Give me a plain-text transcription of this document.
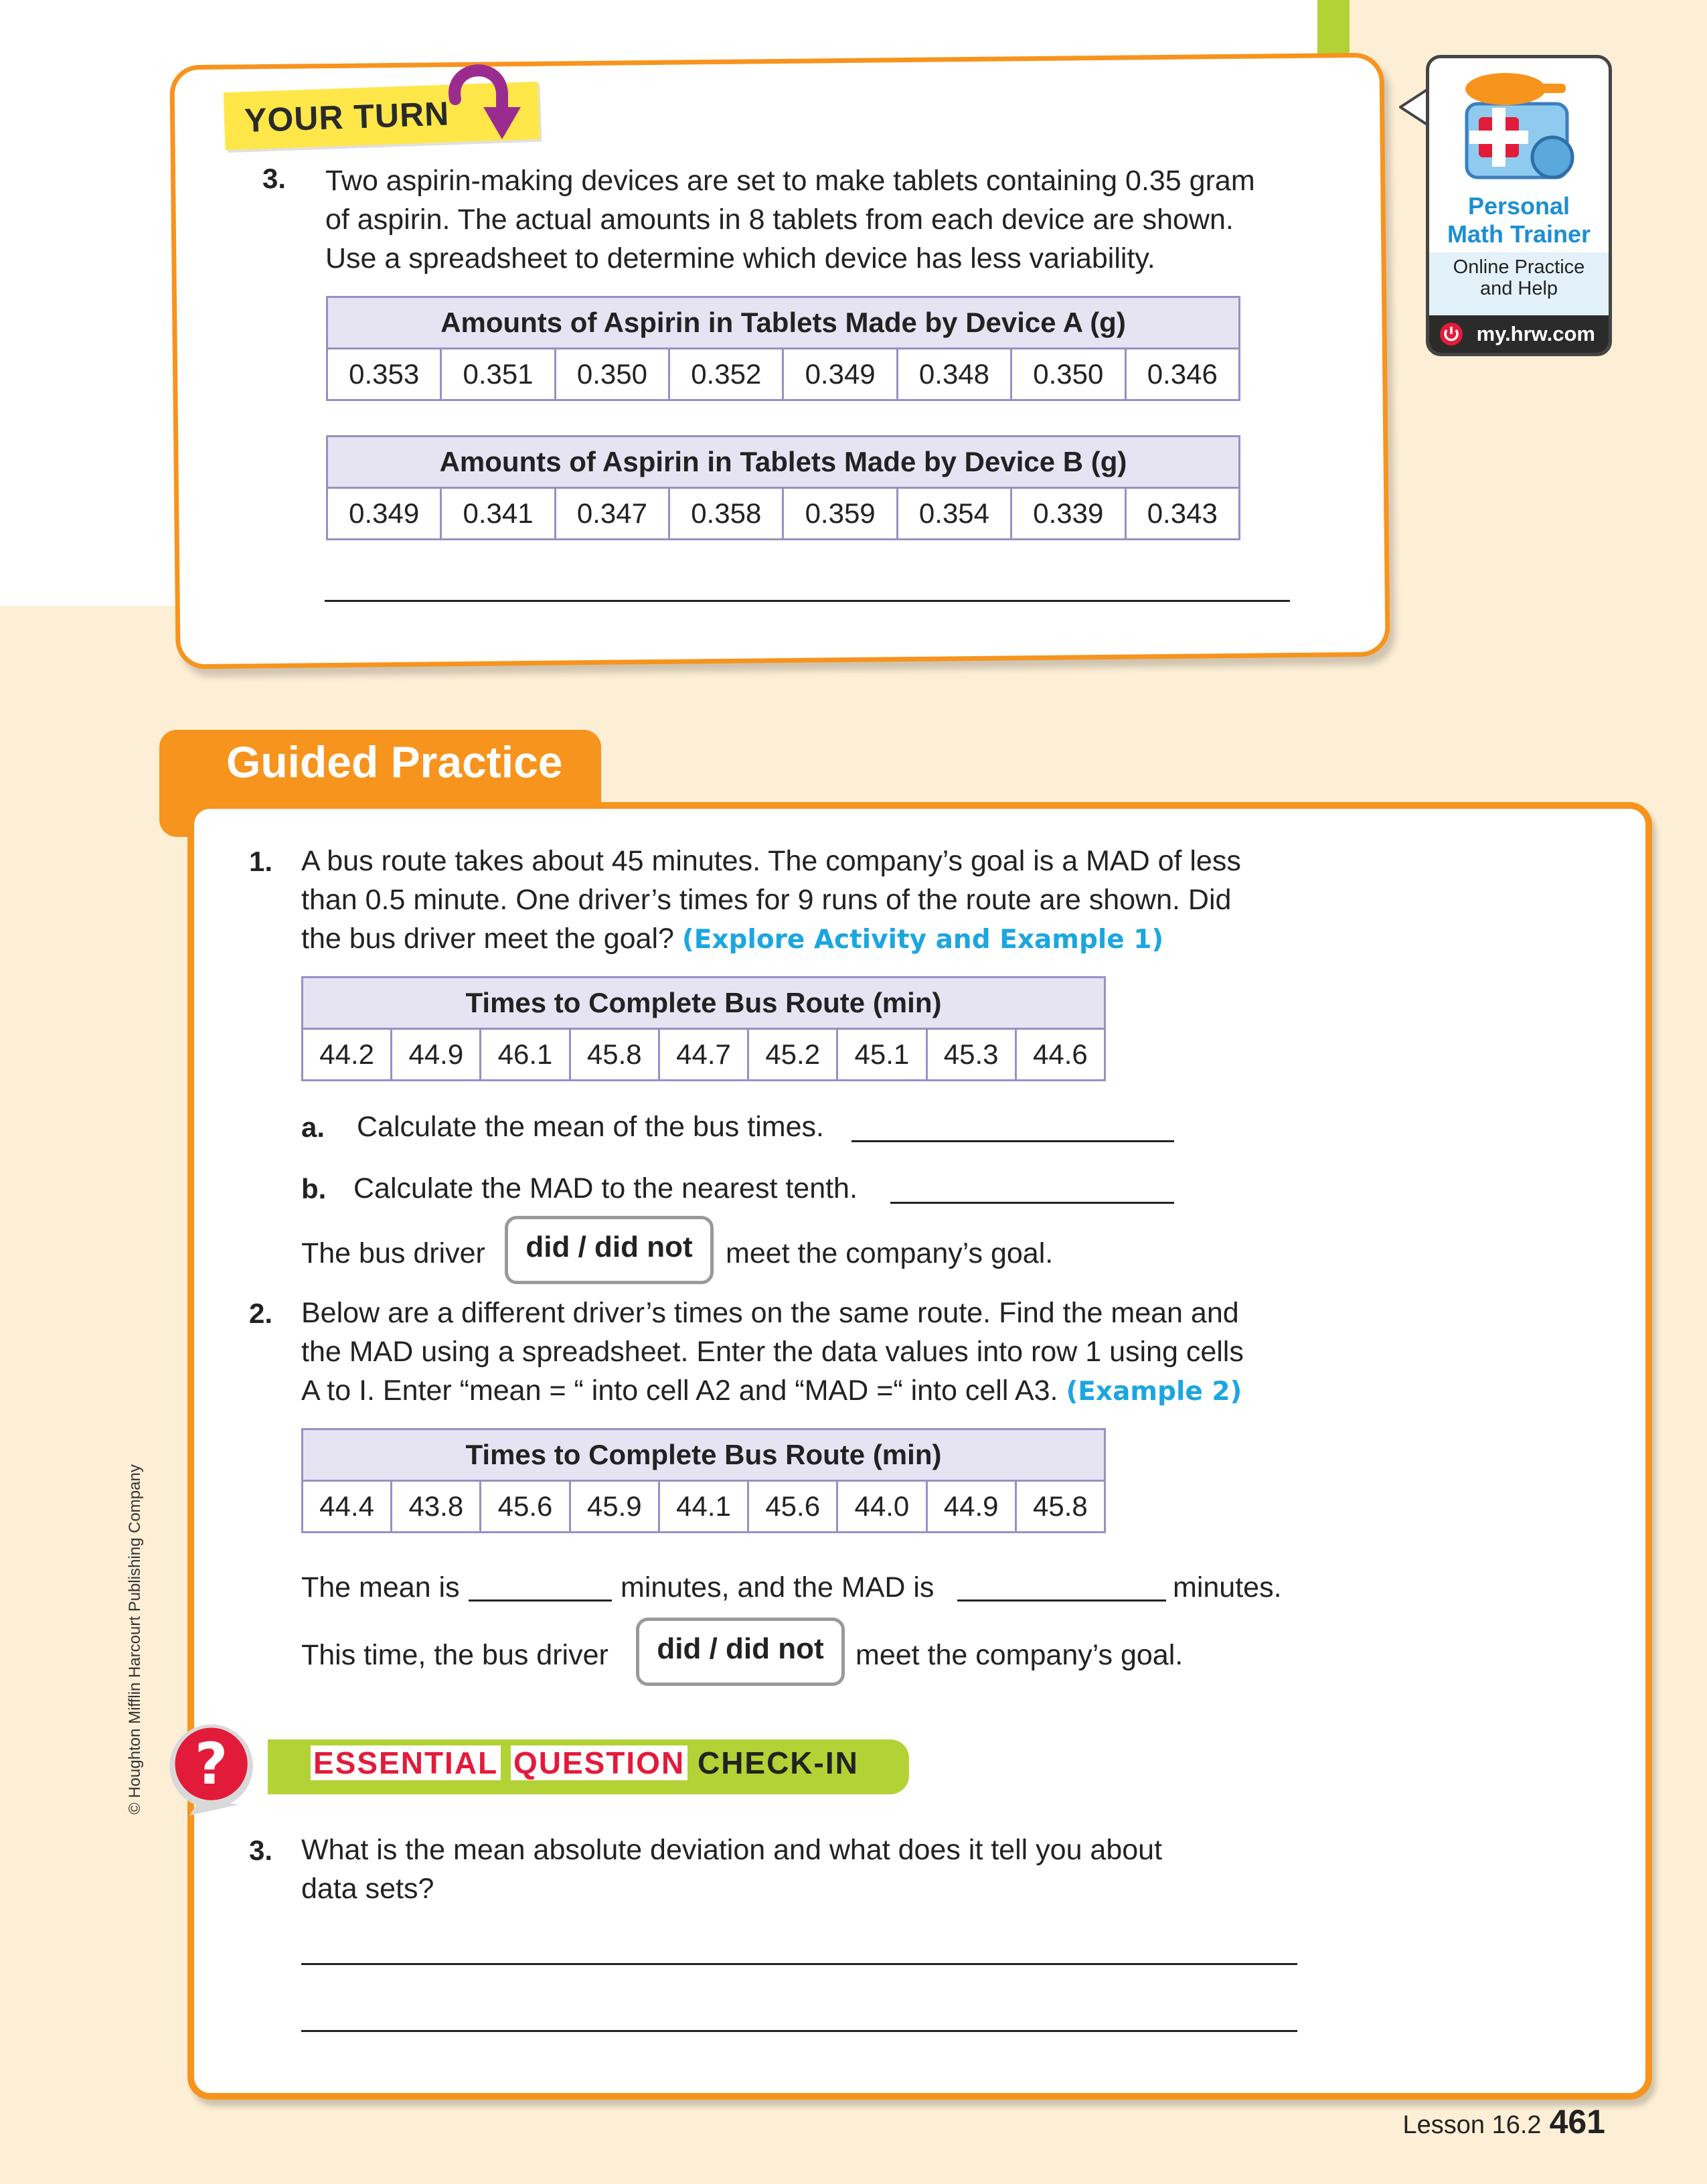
YOUR TURN
3. Two aspirin-making devices are set to make tablets containing 0.35 gram
of aspirin. The actual amounts in 8 tablets from each device are shown.
Use a spreadsheet to determine which device has less variability.
Amounts of Aspirin in Tablets Made by Device A (g)
0.353	0.351	0.350	0.352	0.349	0.348	0.350	0.346
Amounts of Aspirin in Tablets Made by Device B (g)
0.349	0.341	0.347	0.358	0.359	0.354	0.339	0.343
Personal
Math Trainer
Online Practice
and Help
my.hrw.com
Guided Practice
1. A bus route takes about 45 minutes. The company’s goal is a MAD of less
than 0.5 minute. One driver’s times for 9 runs of the route are shown. Did
the bus driver meet the goal? (Explore Activity and Example 1)
Times to Complete Bus Route (min)
44.2	44.9	46.1	45.8	44.7	45.2	45.1	45.3	44.6
a. Calculate the mean of the bus times.
b. Calculate the MAD to the nearest tenth.
The bus driver	did / did not	meet the company’s goal.
2. Below are a different driver’s times on the same route. Find the mean and
the MAD using a spreadsheet. Enter the data values into row 1 using cells
A to I. Enter “mean = “ into cell A2 and “MAD =“ into cell A3. (Example 2)
Times to Complete Bus Route (min)
44.4	43.8	45.6	45.9	44.1	45.6	44.0	44.9	45.8
The mean is	minutes, and the MAD is	minutes.
This time, the bus driver	did / did not	meet the company’s goal.
?	ESSENTIAL QUESTION CHECK-IN
3. What is the mean absolute deviation and what does it tell you about
data sets?
© Houghton Mifflin Harcourt Publishing Company
Lesson 16.2 461
